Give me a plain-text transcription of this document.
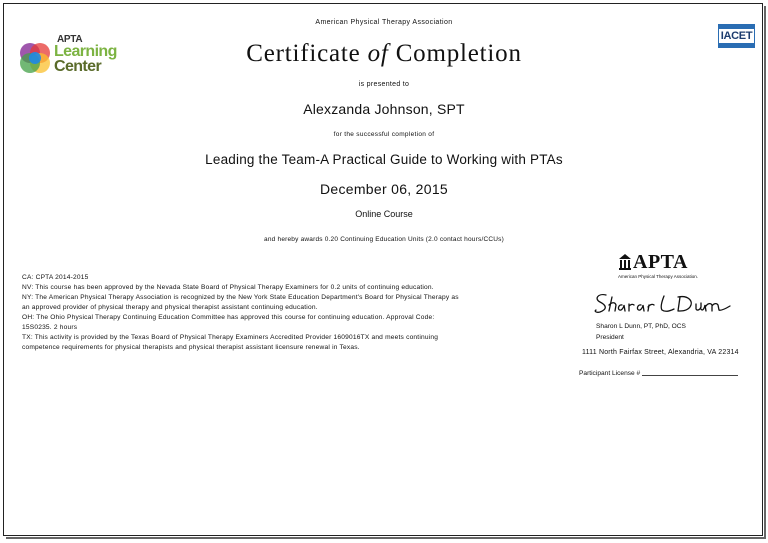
APTA
Learning
Center
IACET
American Physical Therapy Association
Certificate of Completion
is presented to
Alexzanda Johnson, SPT
for the successful completion of
Leading the Team-A Practical Guide to Working with PTAs
December 06, 2015
Online Course
and hereby awards 0.20 Continuing Education Units (2.0 contact hours/CCUs)
CA: CPTA 2014-2015
NV: This course has been approved by the Nevada State Board of Physical Therapy Examiners for 0.2 units of continuing education.
NY: The American Physical Therapy Association is recognized by the New York State Education Department's Board for Physical Therapy as
an approved provider of physical therapy and physical therapist assistant continuing education.
OH: The Ohio Physical Therapy Continuing Education Committee has approved this course for continuing education. Approval Code:
15S0235. 2 hours
TX: This activity is provided by the Texas Board of Physical Therapy Examiners Accredited Provider 1609016TX and meets continuing
competence requirements for physical therapists and physical therapist assistant licensure renewal in Texas.
APTA
American Physical Therapy Association.
Sharon L Dunn, PT, PhD, OCS
President
1111 North Fairfax Street, Alexandria, VA 22314
Participant License #
